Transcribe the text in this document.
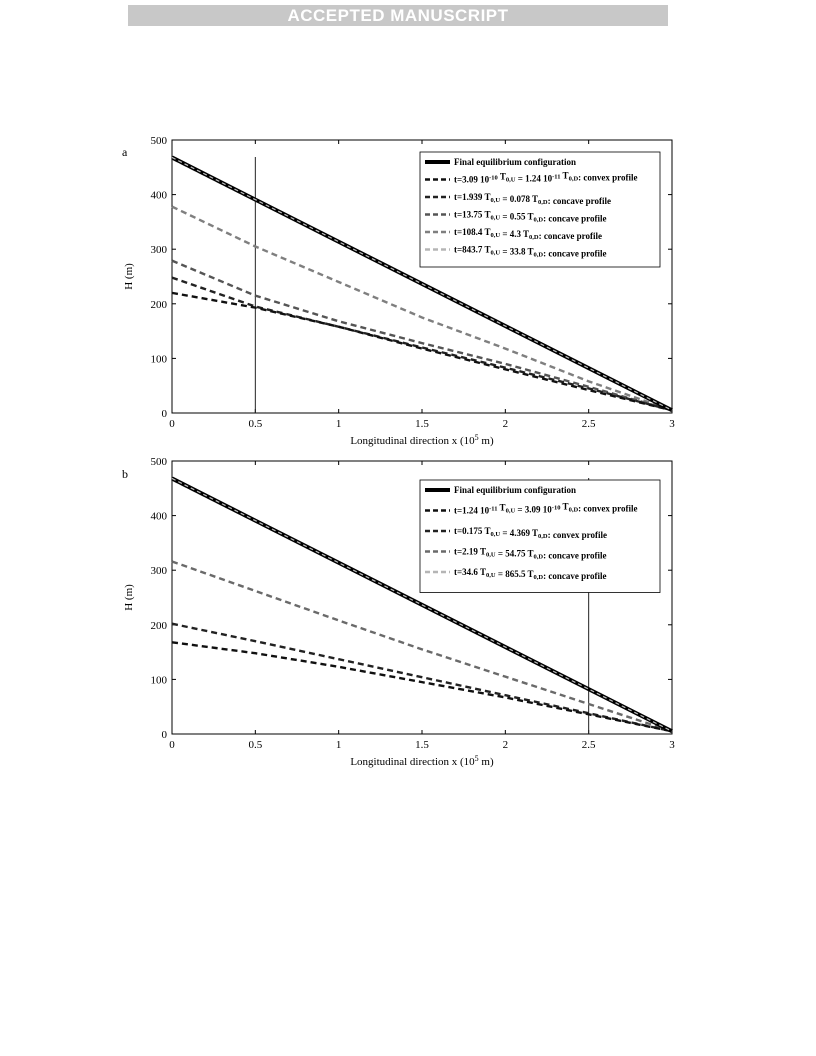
ACCEPTED MANUSCRIPT
0	0.5	1	1.5	2	2.5	3
0
100
200
300
400
500
Longitudinal direction x ($10^5$ m)
H (m)
a
Final equilibrium configuration
t=3.09 $10^{-10}$ $T_{0,U} = 1.24$ $10^{-11}$ $T_{0,D}$: convex profile
t=1.939 $T_{0,U} = 0.078$ $T_{0,D}$: concave profile
t=13.75 $T_{0,U} = 0.55$ $T_{0,D}$: concave profile
t=108.4 $T_{0,U} = 4.3$ $T_{0,D}$: concave profile
t=843.7 $T_{0,U} = 33.8$ $T_{0,D}$: concave profile
0	0.5	1	1.5	2	2.5	3
0
100
200
300
400
500
Longitudinal direction x ($10^5$ m)
H (m)
b
Final equilibrium configuration
t=1.24 $10^{-11}$ $T_{0,U} = 3.09$ $10^{-10}$ $T_{0,D}$: convex profile
t=0.175 $T_{0,U} = 4.369$ $T_{0,D}$: convex profile
t=2.19 $T_{0,U} = 54.75$ $T_{0,D}$: concave profile
t=34.6 $T_{0,U} = 865.5$ $T_{0,D}$: concave profile
